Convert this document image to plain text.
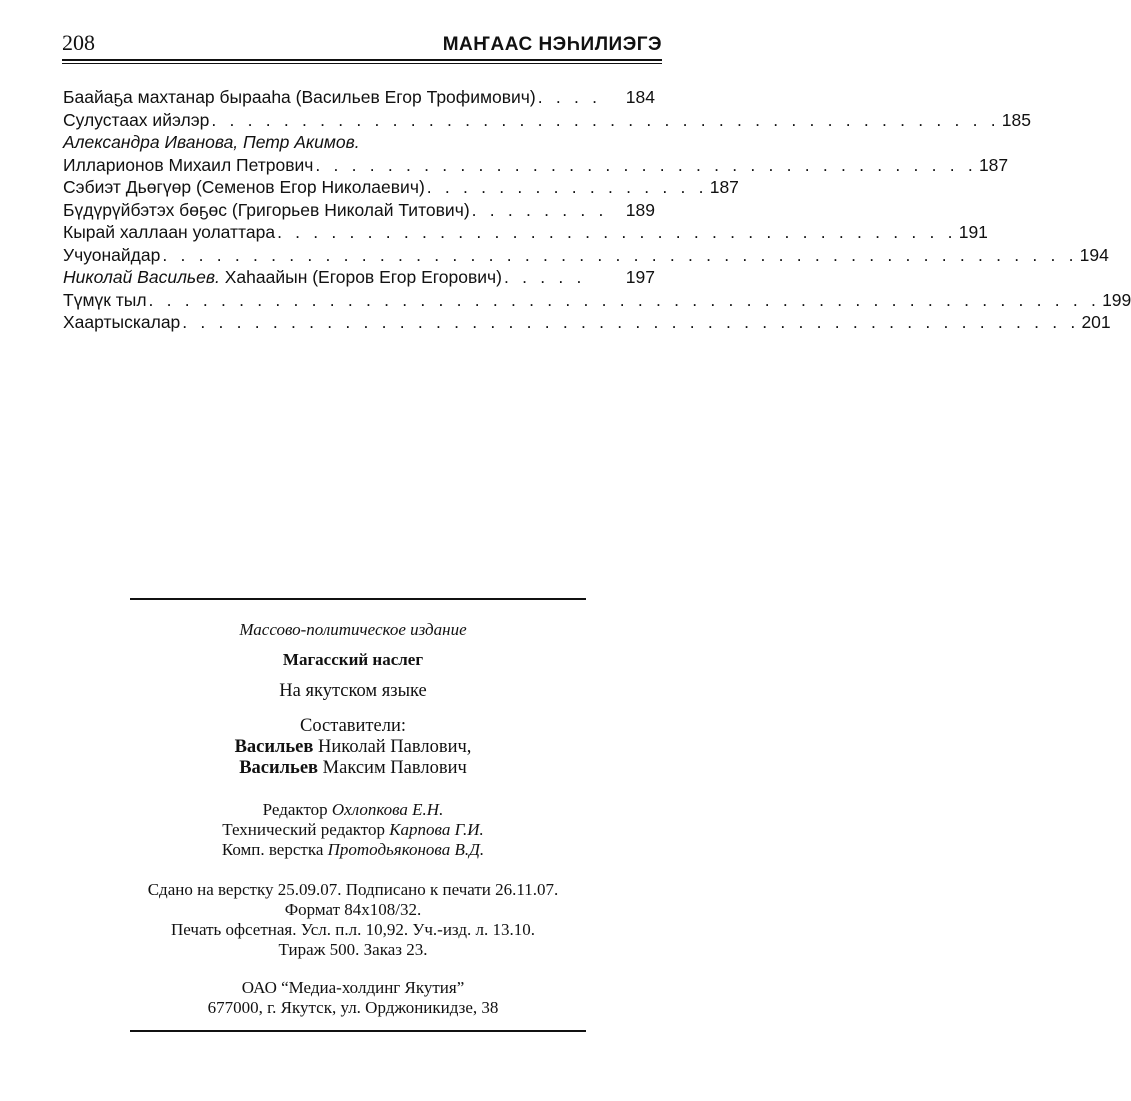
208	МАҤААС НЭҺИЛИЭГЭ
Баайаҕа махтанар бырааһа (Васильев Егор Трофимович) . . . .	184
Сулустаах ийэлэр . . . . . . . . . . . . . . . . . . . . . . . . . . . . . . . . . . . . . . . . . . . . 185
Александра Иванова, Петр Акимов.
Илларионов Михаил Петрович . . . . . . . . . . . . . . . . . . . . . . . . . . . . . . . . . . . . . 187
Сэбиэт Дьөгүөр (Семенов Егор Николаевич) . . . . . . . . . . . . . . . . 187
Бүдүрүйбэтэх бөҕөс (Григорьев Николай Титович) . . . . . . . .	189
Кырай халлаан уолаттара . . . . . . . . . . . . . . . . . . . . . . . . . . . . . . . . . . . . . . 191
Учуонайдар . . . . . . . . . . . . . . . . . . . . . . . . . . . . . . . . . . . . . . . . . . . . . . . . . . . 194
Николай Васильев. Хаһаайын (Егоров Егор Егорович) . . . . .	197
Түмүк тыл . . . . . . . . . . . . . . . . . . . . . . . . . . . . . . . . . . . . . . . . . . . . . . . . . . . . . 199
Хаартыскалар . . . . . . . . . . . . . . . . . . . . . . . . . . . . . . . . . . . . . . . . . . . . . . . . . . 201
Массово-политическое издание
Магасский наслег
На якутском языке
Составители:
Васильев Николай Павлович,
Васильев Максим Павлович
Редактор Охлопкова Е.Н.
Технический редактор Карпова Г.И.
Комп. верстка Протодьяконова В.Д.
Сдано на верстку 25.09.07. Подписано к печати 26.11.07.
Формат 84х108/32.
Печать офсетная. Усл. п.л. 10,92. Уч.-изд. л. 13.10.
Тираж 500. Заказ 23.
ОАО “Медиа-холдинг Якутия”
677000, г. Якутск, ул. Орджоникидзе, 38
